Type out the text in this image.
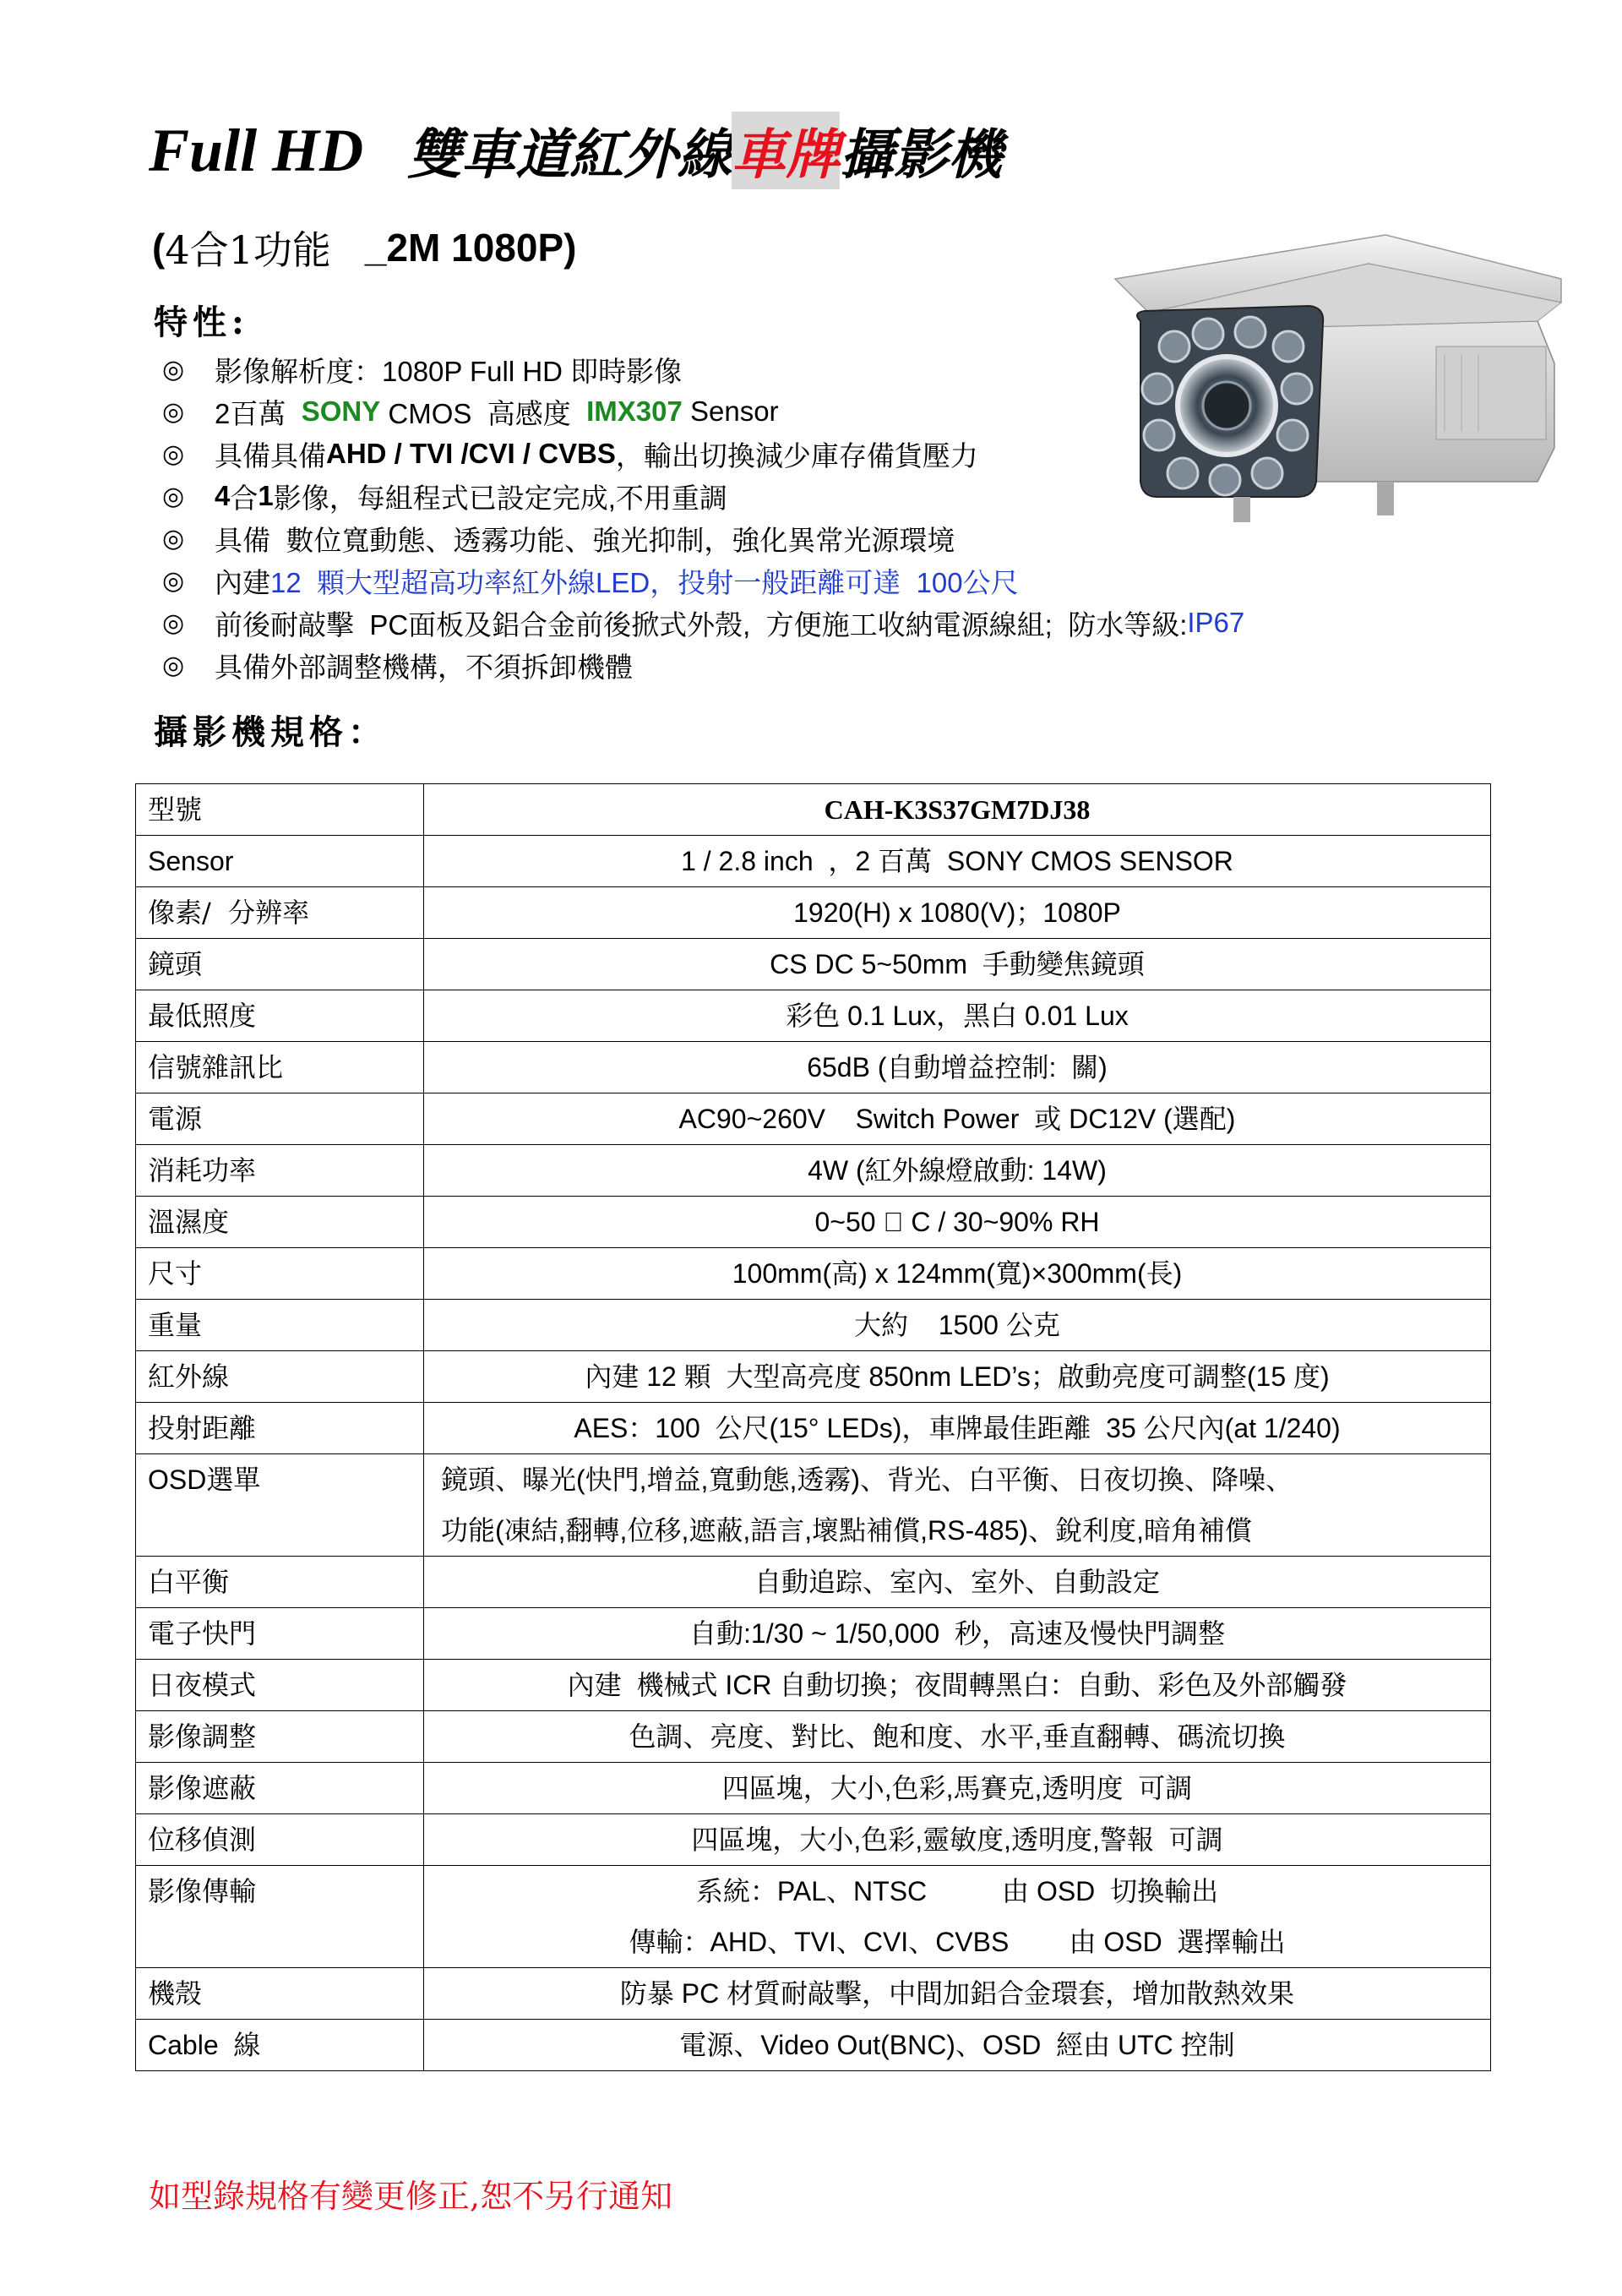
Full HD 雙車道紅外線 車牌 攝影機
( 4合1功能 _2M 1080P)
特性:
◎	影像解析度：1080P Full HD 即時影像
◎	2百萬 SONY CMOS  高感度 IMX307 Sensor
◎	具備具備 AHD / TVI /CVI / CVBS ，輸出切換減少庫存備貨壓力
◎	4 合 1 影像，每組程式已設定完成,不用重調
◎	具備  數位寬動態、透霧功能、強光抑制，強化異常光源環境
◎	內建 12  顆大型超高功率紅外線LED，投射一般距離可達  100公尺
◎	前後耐敲擊  PC面板及鋁合金前後掀式外殼,  方便施工收納電源線組;  防水等級: IP67
◎	具備外部調整機構，不須拆卸機體
攝影機規格：
型號	CAH-K3S37GM7DJ38
Sensor	1 / 2.8 inch  ，2 百萬  SONY CMOS SENSOR
像素/  分辨率	1920(H) x 1080(V)；1080P
鏡頭	CS DC 5~50mm  手動變焦鏡頭
最低照度	彩色 0.1 Lux，黑白 0.01 Lux
信號雜訊比	65dB (自動增益控制:  關)
電源	AC90~260V    Switch Power  或 DC12V (選配)
消耗功率	4W (紅外線燈啟動: 14W)
溫濕度	0~50 ゚ C / 30~90% RH
尺寸	100mm(高) x 124mm(寬)×300mm(長)
重量	大約    1500 公克
紅外線	內建 12 顆  大型高亮度 850nm LED’s；啟動亮度可調整(15 度)
投射距離	AES：100  公尺(15° LEDs)，車牌最佳距離  35 公尺內(at 1/240)
OSD選單	鏡頭、曝光(快門,增益,寬動態,透霧)、背光、白平衡、日夜切換、降噪、
功能(凍結,翻轉,位移,遮蔽,語言,壞點補償,RS-485)、銳利度,暗角補償

白平衡	自動追踪、室內、室外、自動設定
電子快門	自動:1/30 ~ 1/50,000  秒，高速及慢快門調整
日夜模式	內建  機械式 ICR 自動切換；夜間轉黑白：自動、彩色及外部觸發
影像調整	色調、亮度、對比、飽和度、水平,垂直翻轉、碼流切換
影像遮蔽	四區塊，大小,色彩,馬賽克,透明度  可調
位移偵測	四區塊，大小,色彩,靈敏度,透明度,警報  可調
影像傳輸	系統：PAL、NTSC          由 OSD  切換輸出
傳輸：AHD、TVI、CVI、CVBS        由 OSD  選擇輸出

機殼	防暴 PC 材質耐敲擊，中間加鋁合金環套，增加散熱效果
Cable  線	電源、Video Out(BNC)、OSD  經由 UTC 控制
如型錄規格有變更修正,恕不另行通知
